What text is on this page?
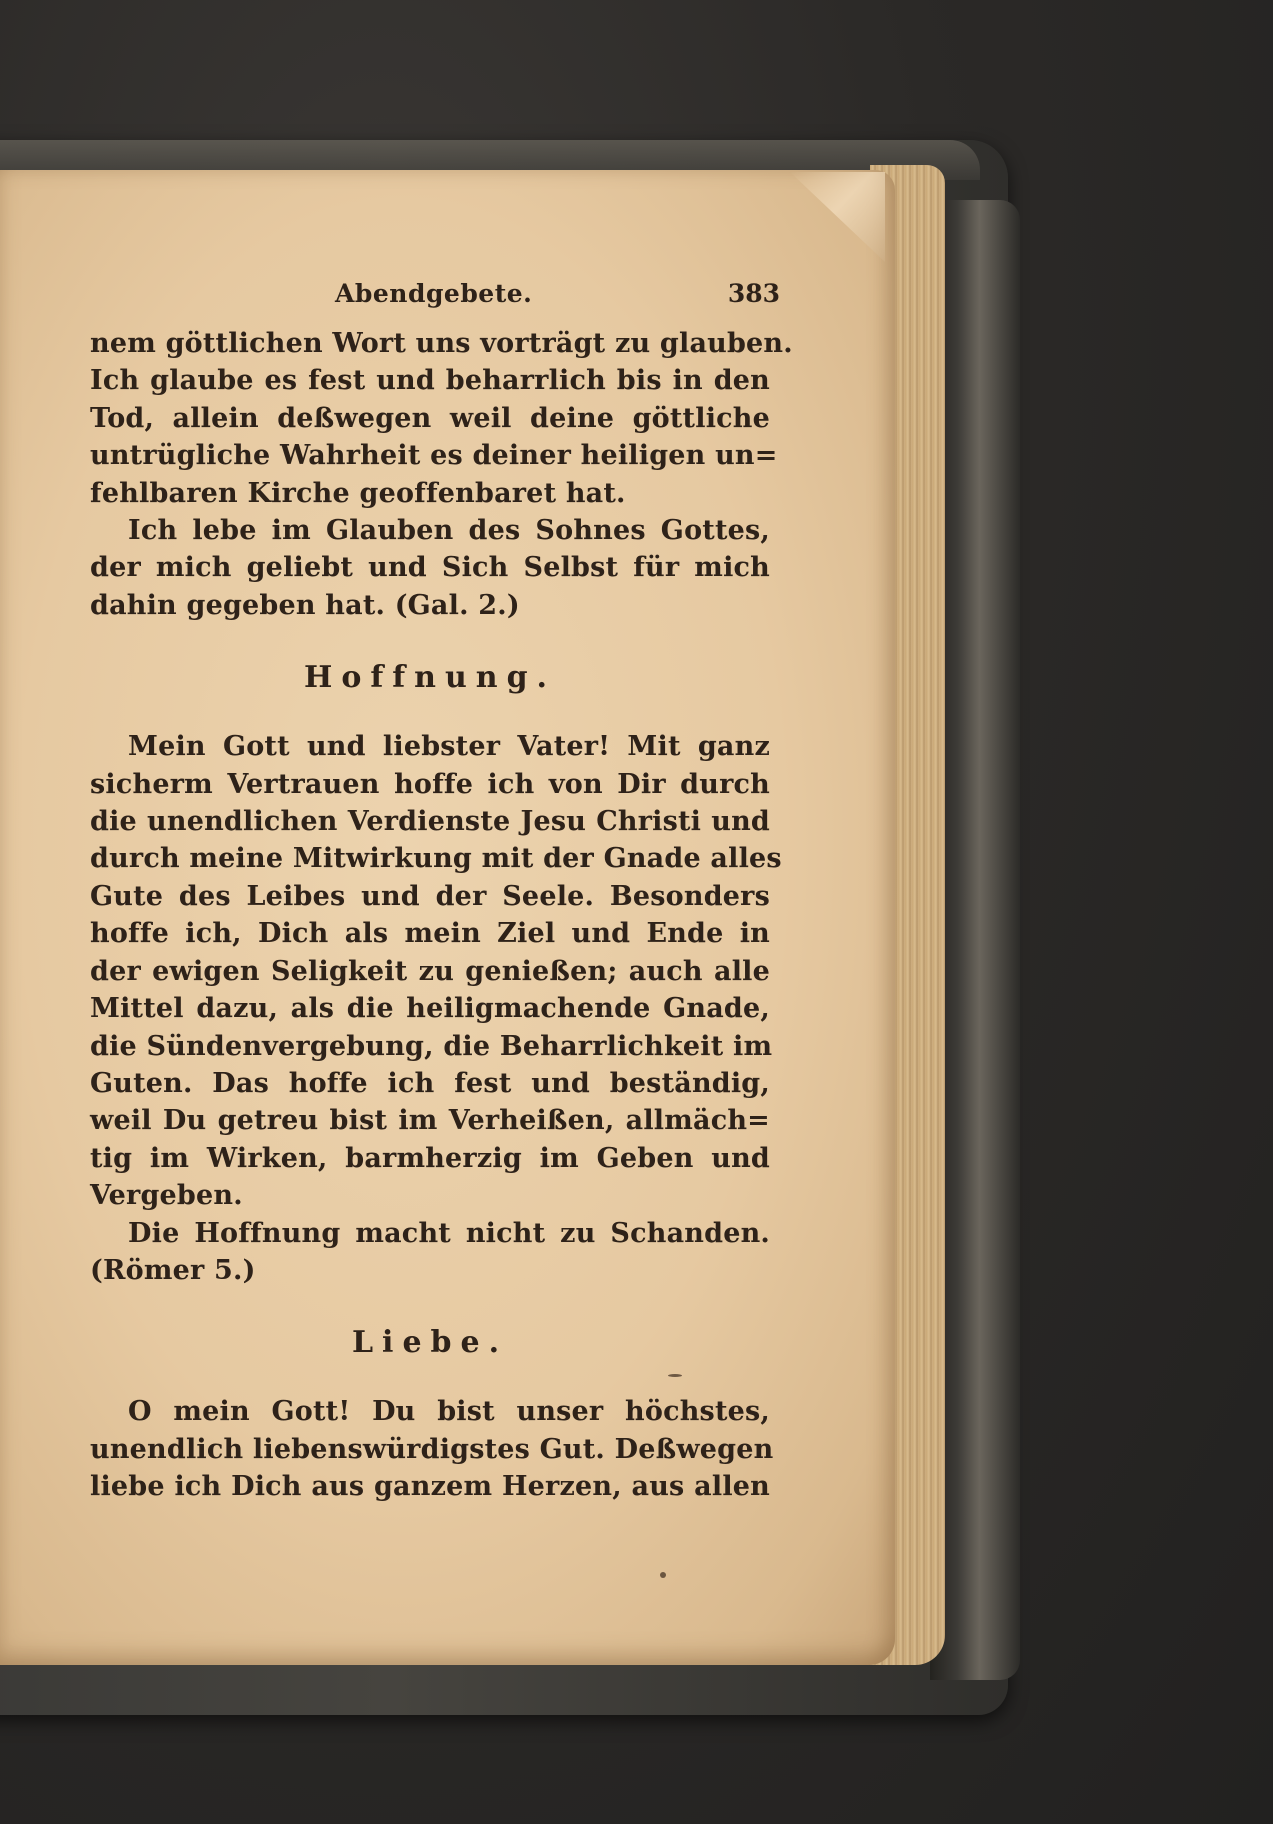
Abendgebete.	383
nem göttlichen Wort uns vorträgt zu glauben.
Ich glaube es fest und beharrlich bis in den
Tod, allein deßwegen weil deine göttliche
untrügliche Wahrheit es deiner heiligen un=
fehlbaren Kirche geoffenbaret hat.
Ich lebe im Glauben des Sohnes Gottes,
der mich geliebt und Sich Selbst für mich
dahin gegeben hat. (Gal. 2.)
Hoffnung.
Mein Gott und liebster Vater! Mit ganz
sicherm Vertrauen hoffe ich von Dir durch
die unendlichen Verdienste Jesu Christi und
durch meine Mitwirkung mit der Gnade alles
Gute des Leibes und der Seele. Besonders
hoffe ich, Dich als mein Ziel und Ende in
der ewigen Seligkeit zu genießen; auch alle
Mittel dazu, als die heiligmachende Gnade,
die Sündenvergebung, die Beharrlichkeit im
Guten. Das hoffe ich fest und beständig,
weil Du getreu bist im Verheißen, allmäch=
tig im Wirken, barmherzig im Geben und
Vergeben.
Die Hoffnung macht nicht zu Schanden.
(Römer 5.)
Liebe.
O mein Gott! Du bist unser höchstes,
unendlich liebenswürdigstes Gut. Deßwegen
liebe ich Dich aus ganzem Herzen, aus allen
